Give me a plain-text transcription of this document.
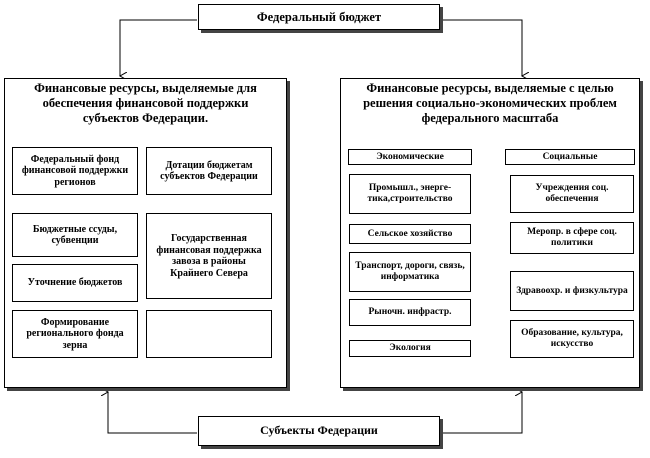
Федеральный бюджет
Финансовые ресурсы, выделяемые для обеспечения финансовой поддержки субъектов Федерации.
Федеральный фонд финансовой поддержки регионов
Дотации бюджетам субъектов Федерации
Бюджетные ссуды, субвенции	Государственная финансовая поддержка завоза в районы Крайнего Севера
Уточнение бюджетов
Формирование регионального фонда зерна
Финансовые ресурсы, выделяемые с целью решения социально-экономических проблем федерального масштаба
Экономические	Социальные
Промышл., энерге-тика,строительство
Сельское хозяйство
Транспорт, дороги, связь, информатика
Рыночн. инфрастр.
Экология
Учреждения соц. обеспечения
Меропр. в сфере соц. политики
Здравоохр. и физкультура
Образование, культура, искусство
Субъекты Федерации
